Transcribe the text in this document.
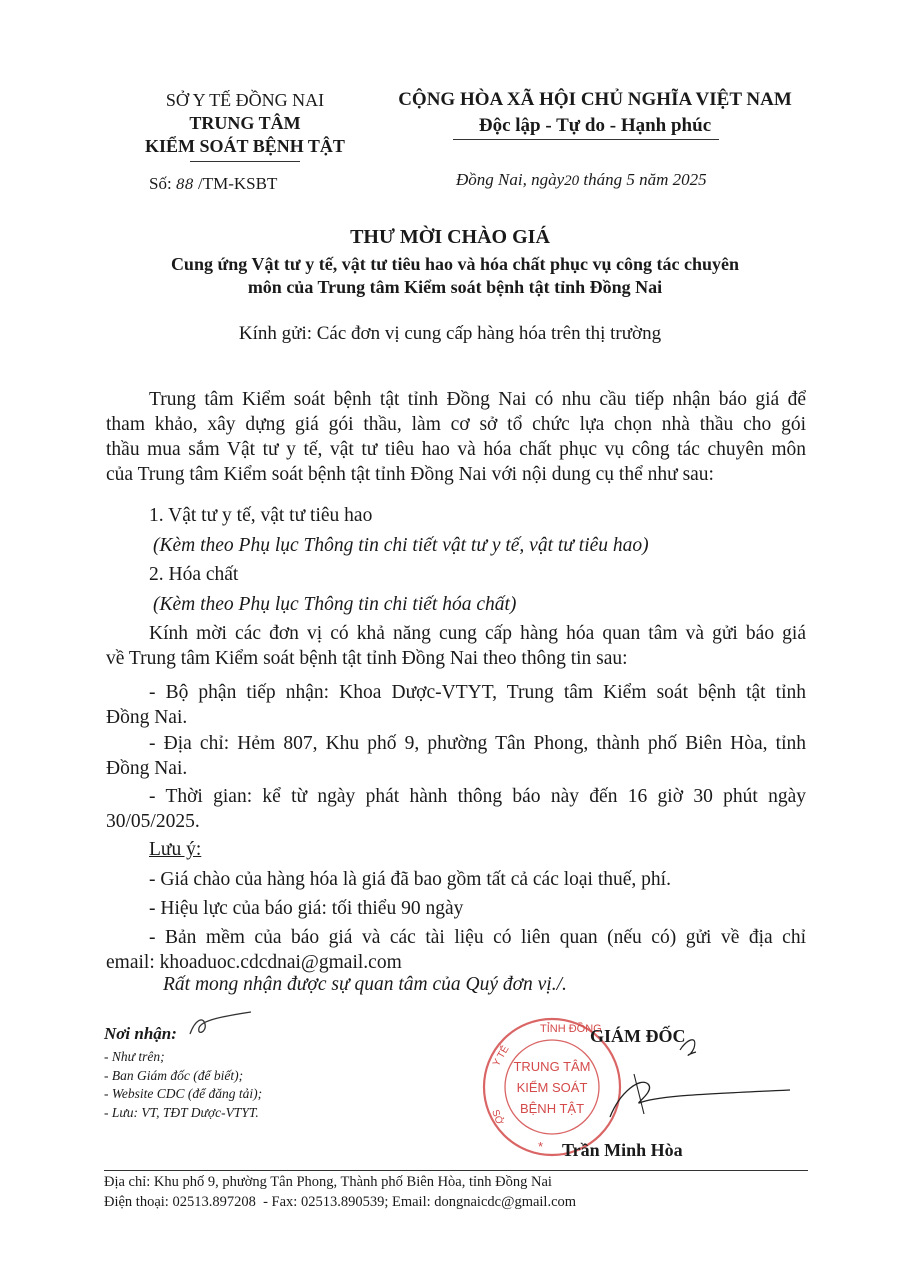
SỞ Y TẾ ĐỒNG NAI
TRUNG TÂM
KIỂM SOÁT BỆNH TẬT
Số: 88 /TM-KSBT
CỘNG HÒA XÃ HỘI CHỦ NGHĨA VIỆT NAM
Độc lập - Tự do - Hạnh phúc
Đồng Nai, ngày20 tháng 5 năm 2025
THƯ MỜI CHÀO GIÁ
Cung ứng Vật tư y tế, vật tư tiêu hao và hóa chất phục vụ công tác chuyên
môn của Trung tâm Kiểm soát bệnh tật tỉnh Đồng Nai
Kính gửi: Các đơn vị cung cấp hàng hóa trên thị trường
Trung tâm Kiểm soát bệnh tật tỉnh Đồng Nai có nhu cầu tiếp nhận báo giá để
tham khảo, xây dựng giá gói thầu, làm cơ sở tổ chức lựa chọn nhà thầu cho gói
thầu mua sắm Vật tư y tế, vật tư tiêu hao và hóa chất phục vụ công tác chuyên môn
của Trung tâm Kiểm soát bệnh tật tỉnh Đồng Nai với nội dung cụ thể như sau:
1. Vật tư y tế, vật tư tiêu hao
(Kèm theo Phụ lục Thông tin chi tiết vật tư y tế, vật tư tiêu hao)
2. Hóa chất
(Kèm theo Phụ lục Thông tin chi tiết hóa chất)
Kính mời các đơn vị có khả năng cung cấp hàng hóa quan tâm và gửi báo giá
về Trung tâm Kiểm soát bệnh tật tỉnh Đồng Nai theo thông tin sau:
- Bộ phận tiếp nhận: Khoa Dược-VTYT, Trung tâm Kiểm soát bệnh tật tỉnh
Đồng Nai.
- Địa chỉ: Hẻm 807, Khu phố 9, phường Tân Phong, thành phố Biên Hòa, tỉnh
Đồng Nai.
- Thời gian: kể từ ngày phát hành thông báo này đến 16 giờ 30 phút ngày
30/05/2025.
Lưu ý:
- Giá chào của hàng hóa là giá đã bao gồm tất cả các loại thuế, phí.
- Hiệu lực của báo giá: tối thiểu 90 ngày
- Bản mềm của báo giá và các tài liệu có liên quan (nếu có) gửi về địa chỉ
email: khoaduoc.cdcdnai@gmail.com
Rất mong nhận được sự quan tâm của Quý đơn vị./.
Nơi nhận:
- Như trên;
- Ban Giám đốc (để biết);
- Website CDC (để đăng tải);
- Lưu: VT, TĐT Dược-VTYT.
TỈNH ĐỒNG
Y TẾ
SỞ
*
TRUNG TÂM
KIỂM SOÁT
BỆNH TẬT
GIÁM ĐỐC
Trần Minh Hòa
Địa chỉ: Khu phố 9, phường Tân Phong, Thành phố Biên Hòa, tỉnh Đồng Nai
Điện thoại: 02513.897208  - Fax: 02513.890539; Email: dongnaicdc@gmail.com
